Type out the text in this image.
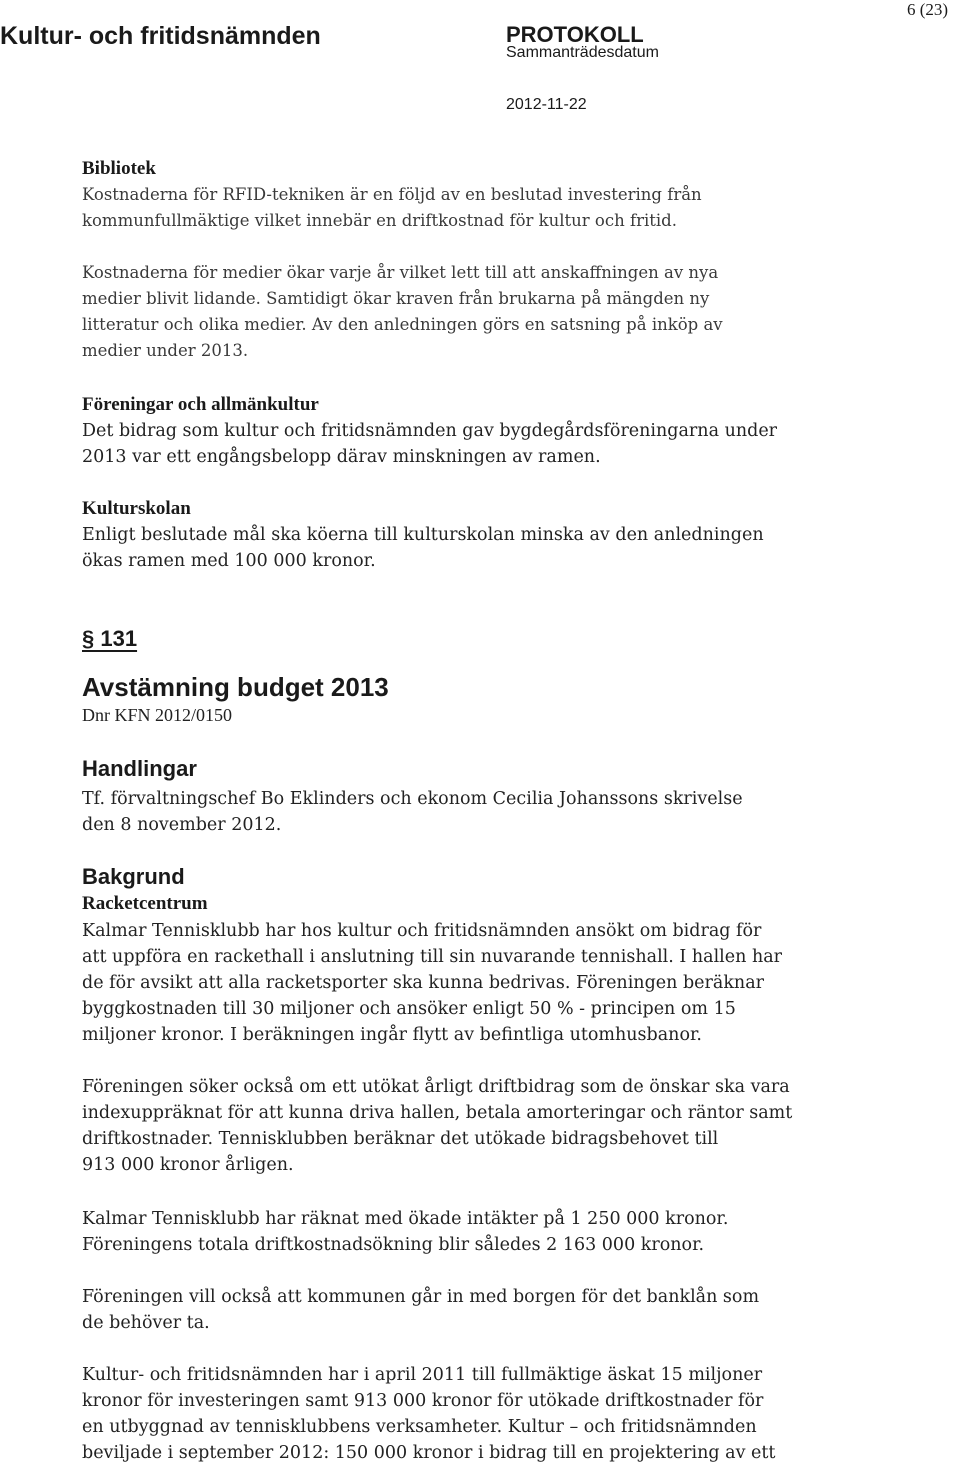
Kultur- och fritidsnämnden	PROTOKOLL
Sammanträdesdatum
2012-11-22
6 (23)
Bibliotek
Kostnaderna för RFID-tekniken är en följd av en beslutad investering från
kommunfullmäktige vilket innebär en driftkostnad för kultur och fritid.
Kostnaderna för medier ökar varje år vilket lett till att anskaffningen av nya
medier blivit lidande. Samtidigt ökar kraven från brukarna på mängden ny
litteratur och olika medier. Av den anledningen görs en satsning på inköp av
medier under 2013.
Föreningar och allmänkultur
Det bidrag som kultur och fritidsnämnden gav bygdegårdsföreningarna under
2013 var ett engångsbelopp därav minskningen av ramen.
Kulturskolan
Enligt beslutade mål ska köerna till kulturskolan minska av den anledningen
ökas ramen med 100 000 kronor.
§ 131
Avstämning budget 2013
Dnr KFN 2012/0150
Handlingar
Tf. förvaltningschef Bo Eklinders och ekonom Cecilia Johanssons skrivelse
den 8 november 2012.
Bakgrund
Racketcentrum
Kalmar Tennisklubb har hos kultur och fritidsnämnden ansökt om bidrag för
att uppföra en rackethall i anslutning till sin nuvarande tennishall. I hallen har
de för avsikt att alla racketsporter ska kunna bedrivas. Föreningen beräknar
byggkostnaden till 30 miljoner och ansöker enligt 50 % - principen om 15
miljoner kronor. I beräkningen ingår flytt av befintliga utomhusbanor.
Föreningen söker också om ett utökat årligt driftbidrag som de önskar ska vara
indexuppräknat för att kunna driva hallen, betala amorteringar och räntor samt
driftkostnader. Tennisklubben beräknar det utökade bidragsbehovet till
913 000 kronor årligen.
Kalmar Tennisklubb har räknat med ökade intäkter på 1 250 000 kronor.
Föreningens totala driftkostnadsökning blir således 2 163 000 kronor.
Föreningen vill också att kommunen går in med borgen för det banklån som
de behöver ta.
Kultur- och fritidsnämnden har i april 2011 till fullmäktige äskat 15 miljoner
kronor för investeringen samt 913 000 kronor för utökade driftkostnader för
en utbyggnad av tennisklubbens verksamheter. Kultur – och fritidsnämnden
beviljade i september 2012: 150 000 kronor i bidrag till en projektering av ett
